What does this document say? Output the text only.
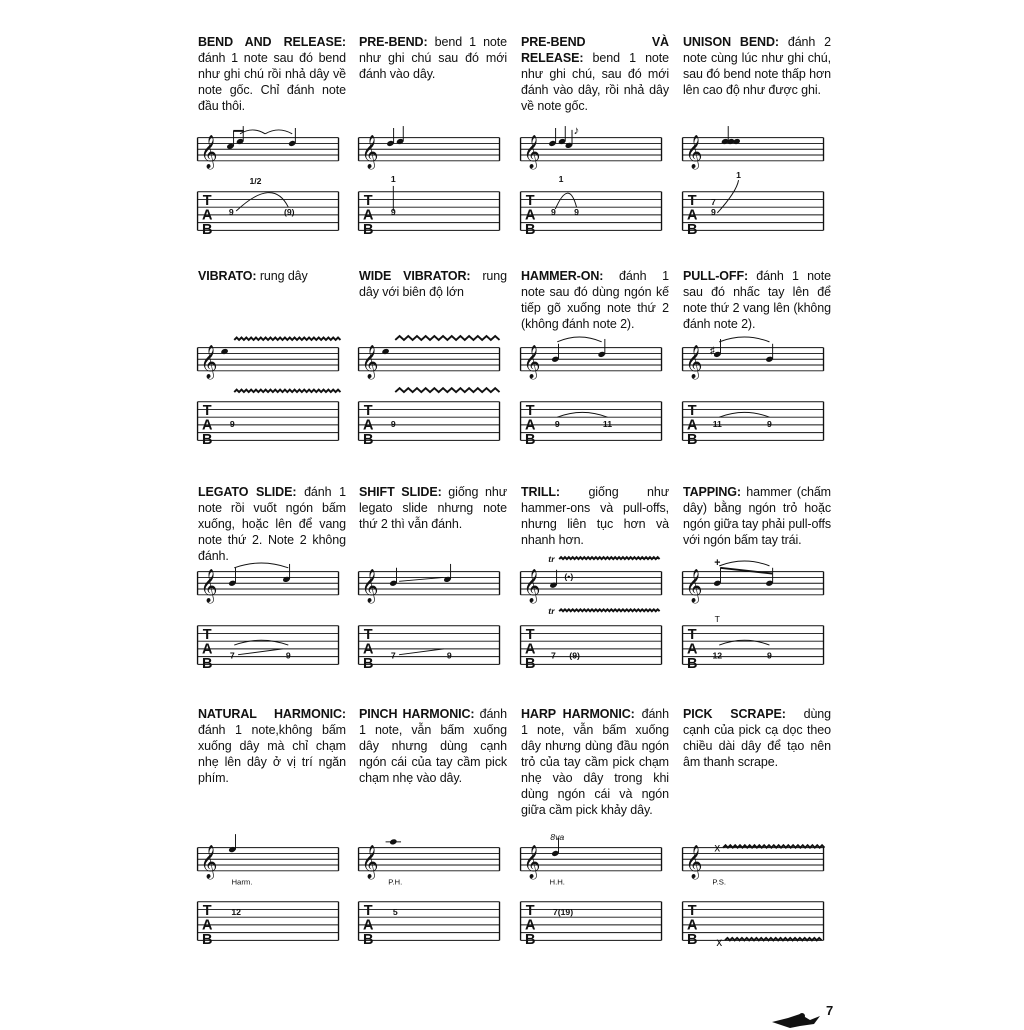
BEND AND RELEASE: đánh 1 note sau đó bend như ghi chú rồi nhả dây về note gốc. Chỉ đánh note đầu thôi.
𝄞
T
A
B
9
1/2
(9)
PRE-BEND: bend 1 note như ghi chú sau đó mới đánh vào dây.
𝄞
T
A
B
9
1
PRE-BEND VÀ RELEASE: bend 1 note như ghi chú, sau đó mới đánh vào dây, rồi nhả dây về note gốc.
𝄞
T
A
B
♪
9 9
1
UNISON BEND: đánh 2 note cùng lúc như ghi chú, sau đó bend note thấp hơn lên cao độ như được ghi.
𝄞
T
A
B
7
9
1
VIBRATO: rung dây
𝄞
T
A
B
9
WIDE VIBRATOR: rung dây với biên độ lớn
𝄞
T
A
B
9
HAMMER-ON: đánh 1 note sau đó dùng ngón kế tiếp gõ xuống note thứ 2 (không đánh note 2).
𝄞
T
A
B
9	11
PULL-OFF: đánh 1 note sau đó nhấc tay lên để note thứ 2 vang lên (không đánh note 2).
𝄞
T
A
B
♯
11	9
LEGATO SLIDE: đánh 1 note rồi vuốt ngón bấm xuống, hoặc lên để vang note thứ 2. Note 2 không đánh.
𝄞
T
A
B
7	9
SHIFT SLIDE: giống như legato slide nhưng note thứ 2 thì vẫn đánh.
𝄞
T
A
B
7	9
TRILL: giống như hammer-ons và pull-offs, nhưng liên tục hơn và nhanh hơn.
𝄞
T
A
B
tr
(•)
tr
7 (9)
TAPPING: hammer (chấm dây) bằng ngón trỏ hoặc ngón giữa tay phải pull-offs với ngón bấm tay trái.
𝄞
T
A
B
+
T
12	9
NATURAL HARMONIC: đánh 1 note,không bấm xuống dây mà chỉ chạm nhẹ lên dây ở vị trí ngăn phím.
𝄞
T
A
B
Harm.
12
PINCH HARMONIC: đánh 1 note, vẫn bấm xuống dây nhưng dùng cạnh ngón cái của tay cầm pick chạm nhẹ vào dây.
𝄞
T
A
B
P.H.
5
HARP HARMONIC: đánh 1 note, vẫn bấm xuống dây nhưng dùng đầu ngón trỏ của tay cầm pick chạm nhẹ vào dây trong khi dùng ngón cái và ngón giữa cầm pick khảy dây.
𝄞
T
A
B
8va
H.H.
7(19)
PICK SCRAPE: dùng cạnh của pick cạ dọc theo chiều dài dây để tạo nên âm thanh scrape.
𝄞
T
A
B
x
P.S.
x
7
